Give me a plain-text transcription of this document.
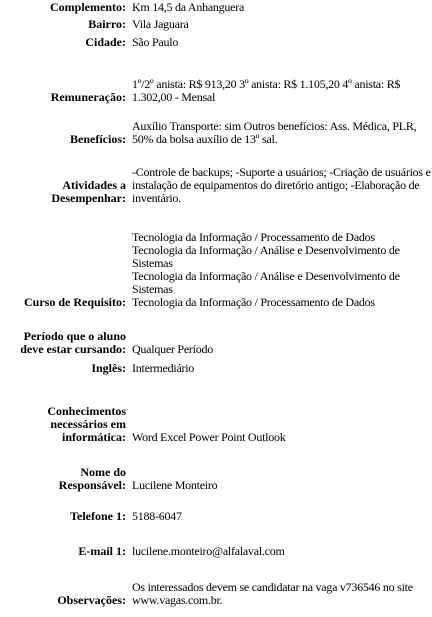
Complemento: Km 14,5 da Anhanguera
Bairro: Vila Jaguara
Cidade: São Paulo
Remuneração:
1º/2º anista: R$ 913,20 3º anista: R$ 1.105,20 4º anista: R$ 1.302,00 - Mensal
Benefícios:
Auxílio Transporte: sim Outros benefícios: Ass. Médica, PLR, 50% da bolsa auxílio de 13º sal.
Atividades a
Desempenhar:
-Controle de backups; -Suporte a usuários; -Criação de usuários e instalação de equipamentos do diretório antigo; -Elaboração de inventário.
Curso de Requisito:
Tecnologia da Informação / Processamento de Dados
Tecnologia da Informação / Análise e Desenvolvimento de Sistemas
Tecnologia da Informação / Análise e Desenvolvimento de Sistemas
Tecnologia da Informação / Processamento de Dados
Período que o aluno
deve estar cursando: Qualquer Período
Inglês: Intermediário
Conhecimentos
necessários em
informática: Word Excel Power Point Outlook
Nome do
Responsável: Lucilene Monteiro
Telefone 1: 5188-6047
E-mail 1: lucilene.monteiro@alfalaval.com
Observações:
Os interessados devem se candidatar na vaga v736546 no site www.vagas.com.br.
